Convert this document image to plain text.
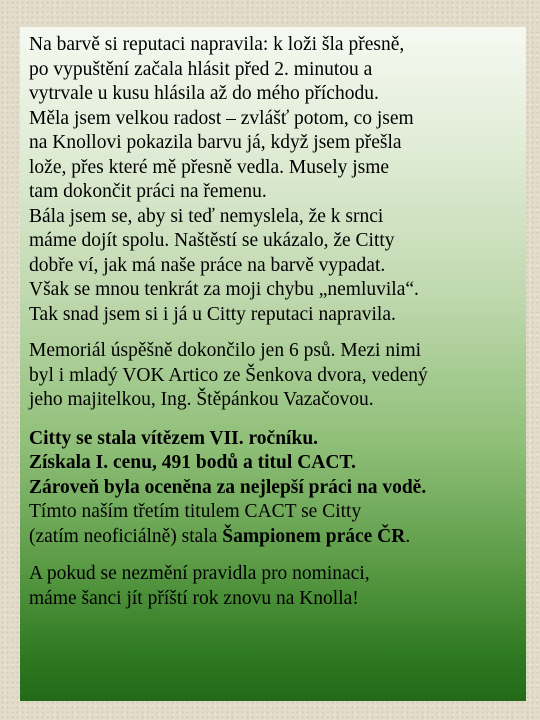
Na barvě si reputaci napravila: k loži šla přesně,
po vypuštění začala hlásit před 2. minutou a
vytrvale u kusu hlásila až do mého příchodu.
Měla jsem velkou radost – zvlášť potom, co jsem
na Knollovi pokazila barvu já, když jsem přešla
lože, přes které mě přesně vedla. Musely jsme
tam dokončit práci na řemenu.
Bála jsem se, aby si teď nemyslela, že k srnci
máme dojít spolu. Naštěstí se ukázalo, že Citty
dobře ví, jak má naše práce na barvě vypadat.
Však se mnou tenkrát za moji chybu „nemluvila“.
Tak snad jsem si i já u Citty reputaci napravila.
Memoriál úspěšně dokončilo jen 6 psů. Mezi nimi
byl i mladý VOK Artico ze Šenkova dvora, vedený
jeho majitelkou, Ing. Štěpánkou Vazačovou.
Citty se stala vítězem VII. ročníku.
Získala I. cenu, 491 bodů a titul CACT.
Zároveň byla oceněna za nejlepší práci na vodě.
Tímto naším třetím titulem CACT se Citty
(zatím neoficiálně) stala Šampionem práce ČR.
A pokud se nezmění pravidla pro nominaci,
máme šanci jít příští rok znovu na Knolla!
